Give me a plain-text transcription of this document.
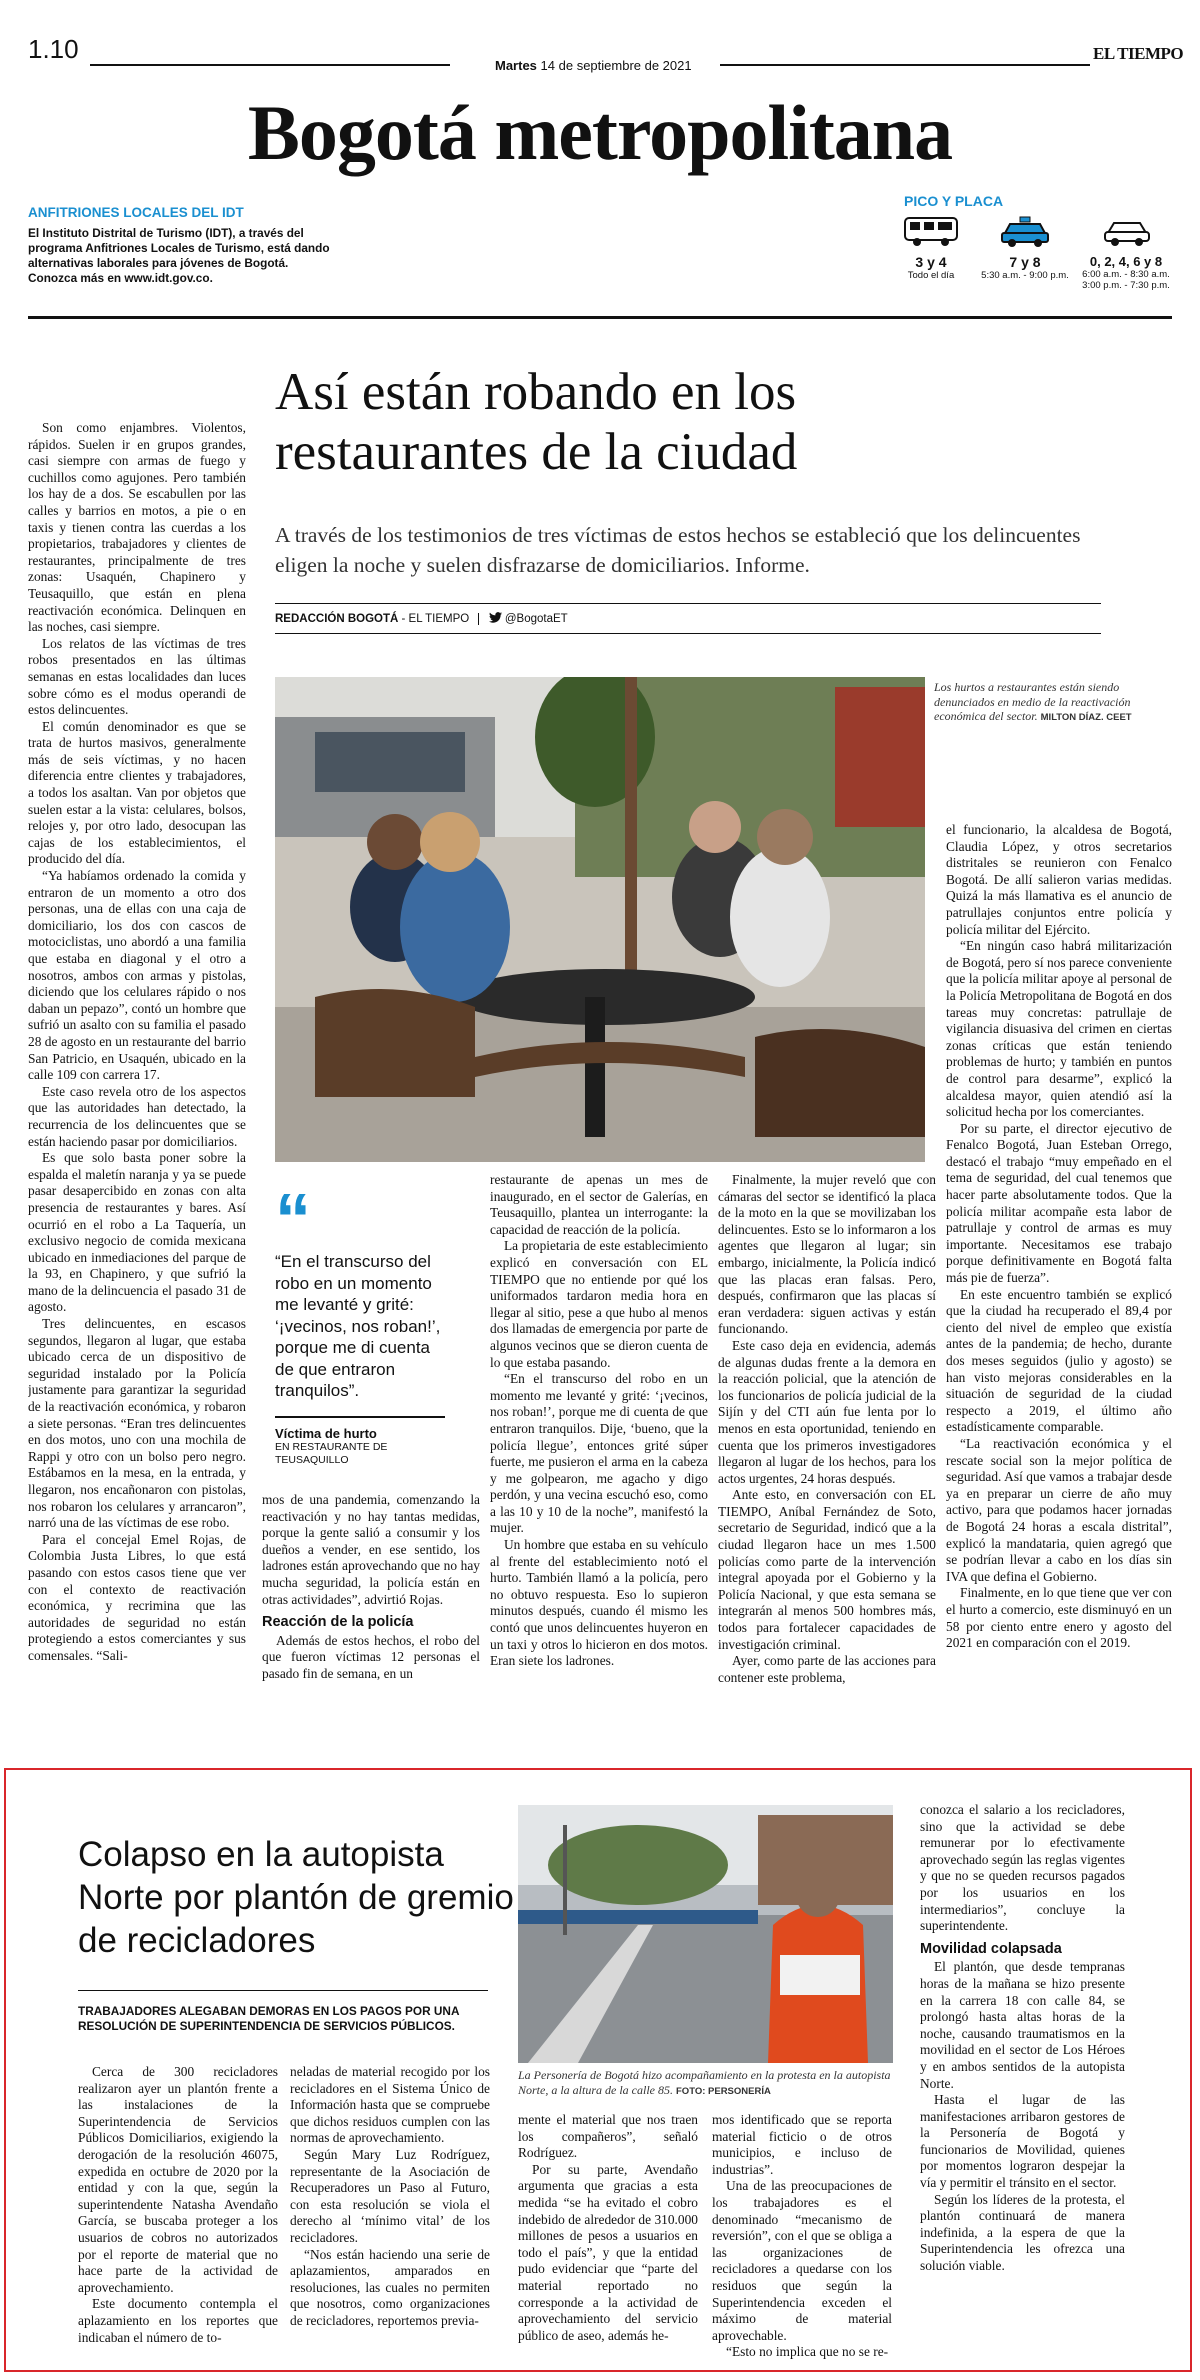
1.10
Martes 14 de septiembre de 2021
EL TIEMPO
Bogotá metropolitana
ANFITRIONES LOCALES DEL IDT
El Instituto Distrital de Turismo (IDT), a través del programa Anfitriones Locales de Turismo, está dando alternativas laborales para jóvenes de Bogotá. Conozca más en www.idt.gov.co.
PICO Y PLACA
3 y 4
Todo el día
7 y 8
5:30 a.m. - 9:00 p.m.
0, 2, 4, 6 y 8
6:00 a.m. - 8:30 a.m.
3:00 p.m. - 7:30 p.m.
Así están robando en los restaurantes de la ciudad
A través de los testimonios de tres víctimas de estos hechos se estableció que los delincuentes eligen la noche y suelen disfrazarse de domiciliarios. Informe.
REDACCIÓN BOGOTÁ - EL TIEMPO	@BogotaET
Los hurtos a restaurantes están siendo denunciados en medio de la reactivación económica del sector. MILTON DÍAZ. CEET

Son como enjambres. Violentos, rápidos. Suelen ir en grupos grandes, casi siempre con armas de fuego y cuchillos como agujones. Pero también los hay de a dos. Se escabullen por las calles y barrios en motos, a pie o en taxis y tienen contra las cuerdas a los propietarios, trabajadores y clientes de restaurantes, principalmente de tres zonas: Usaquén, Chapinero y Teusaquillo, que están en plena reactivación económica. Delinquen en las noches, casi siempre.

Los relatos de las víctimas de tres robos presentados en las últimas semanas en estas localidades dan luces sobre cómo es el modus operandi de estos delincuentes.

El común denominador es que se trata de hurtos masivos, generalmente más de seis víctimas, y no hacen diferencia entre clientes y trabajadores, a todos los asaltan. Van por objetos que suelen estar a la vista: celulares, bolsos, relojes y, por otro lado, desocupan las cajas de los establecimientos, el producido del día.

“Ya habíamos ordenado la comida y entraron de un momento a otro dos personas, una de ellas con una caja de domiciliario, los dos con cascos de motociclistas, uno abordó a una familia que estaba en diagonal y el otro a nosotros, ambos con armas y pistolas, diciendo que los celulares rápido o nos daban un pepazo”, contó un hombre que sufrió un asalto con su familia el pasado 28 de agosto en un restaurante del barrio San Patricio, en Usaquén, ubicado en la calle 109 con carrera 17.

Este caso revela otro de los aspectos que las autoridades han detectado, la recurrencia de los delincuentes que se están haciendo pasar por domiciliarios.

Es que solo basta poner sobre la espalda el maletín naranja y ya se puede pasar desapercibido en zonas con alta presencia de restaurantes y bares. Así ocurrió en el robo a La Taquería, un exclusivo negocio de comida mexicana ubicado en inmediaciones del parque de la 93, en Chapinero, y que sufrió la mano de la delincuencia el pasado 31 de agosto.

Tres delincuentes, en escasos segundos, llegaron al lugar, que estaba ubicado cerca de un dispositivo de seguridad instalado por la Policía justamente para garantizar la seguridad de la reactivación económica, y robaron a siete personas. “Eran tres delincuentes en dos motos, uno con una mochila de Rappi y otro con un bolso pero negro. Estábamos en la mesa, en la entrada, y llegaron, nos encañonaron con pistolas, nos robaron los celulares y arrancaron”, narró una de las víctimas de ese robo.

Para el concejal Emel Rojas, de Colombia Justa Libres, lo que está pasando con estos casos tiene que ver con el contexto de reactivación económica, y recrimina que las autoridades de seguridad no están protegiendo a estos comerciantes y sus comensales. “Sali-

“
“En el transcurso del robo en un momento me levanté y grité: ‘¡vecinos, nos roban!’, porque me di cuenta de que entraron tranquilos”.
Víctima de hurto
EN RESTAURANTE DE TEUSAQUILLO

mos de una pandemia, comenzando la reactivación y no hay tantas medidas, porque la gente salió a consumir y los dueños a vender, en ese sentido, los ladrones están aprovechando que no hay mucha seguridad, la policía están en otras actividades”, advirtió Rojas.

Reacción de la policía

Además de estos hechos, el robo del que fueron víctimas 12 personas el pasado fin de semana, en un

restaurante de apenas un mes de inaugurado, en el sector de Galerías, en Teusaquillo, plantea un interrogante: la capacidad de reacción de la policía.

La propietaria de este establecimiento explicó en conversación con EL TIEMPO que no entiende por qué los uniformados tardaron media hora en llegar al sitio, pese a que hubo al menos dos llamadas de emergencia por parte de algunos vecinos que se dieron cuenta de lo que estaba pasando.

“En el transcurso del robo en un momento me levanté y grité: ‘¡vecinos, nos roban!’, porque me di cuenta de que entraron tranquilos. Dije, ‘bueno, que la policía llegue’, entonces grité súper fuerte, me pusieron el arma en la cabeza y me golpearon, me agacho y digo perdón, y una vecina escuchó eso, como a las 10 y 10 de la noche”, manifestó la mujer.

Un hombre que estaba en su vehículo al frente del establecimiento notó el hurto. También llamó a la policía, pero no obtuvo respuesta. Eso lo supieron minutos después, cuando él mismo les contó que unos delincuentes huyeron en un taxi y otros lo hicieron en dos motos. Eran siete los ladrones.

Finalmente, la mujer reveló que con cámaras del sector se identificó la placa de la moto en la que se movilizaban los delincuentes. Esto se lo informaron a los agentes que llegaron al lugar; sin embargo, inicialmente, la Policía indicó que las placas eran falsas. Pero, después, confirmaron que las placas sí eran verdadera: siguen activas y están funcionando.

Este caso deja en evidencia, además de algunas dudas frente a la demora en la reacción policial, que la atención de los funcionarios de policía judicial de la Sijín y del CTI aún fue lenta por lo menos en esta oportunidad, teniendo en cuenta que los primeros investigadores llegaron al lugar de los hechos, para los actos urgentes, 24 horas después.

Ante esto, en conversación con EL TIEMPO, Aníbal Fernández de Soto, secretario de Seguridad, indicó que a la ciudad llegaron hace un mes 1.500 policías como parte de la intervención integral apoyada por el Gobierno y la Policía Nacional, y que esta semana se integrarán al menos 500 hombres más, todos para fortalecer capacidades de investigación criminal.

Ayer, como parte de las acciones para contener este problema,

el funcionario, la alcaldesa de Bogotá, Claudia López, y otros secretarios distritales se reunieron con Fenalco Bogotá. De allí salieron varias medidas. Quizá la más llamativa es el anuncio de patrullajes conjuntos entre policía y policía militar del Ejército.

“En ningún caso habrá militarización de Bogotá, pero sí nos parece conveniente que la policía militar apoye al personal de la Policía Metropolitana de Bogotá en dos tareas muy concretas: patrullaje de vigilancia disuasiva del crimen en ciertas zonas críticas que están teniendo problemas de hurto; y también en puntos de control para desarme”, explicó la alcaldesa mayor, quien atendió así la solicitud hecha por los comerciantes.

Por su parte, el director ejecutivo de Fenalco Bogotá, Juan Esteban Orrego, destacó el trabajo “muy empeñado en el tema de seguridad, del cual tenemos que hacer parte absolutamente todos. Que la policía militar acompañe esta labor de patrullaje y control de armas es muy importante. Necesitamos ese trabajo porque definitivamente en Bogotá falta más pie de fuerza”.

En este encuentro también se explicó que la ciudad ha recuperado el 89,4 por ciento del nivel de empleo que existía antes de la pandemia; de hecho, durante dos meses seguidos (julio y agosto) se han visto mejoras considerables en la situación de seguridad de la ciudad respecto a 2019, el último año estadísticamente comparable.

“La reactivación económica y el rescate social son la mejor política de seguridad. Así que vamos a trabajar desde ya en preparar un cierre de año muy activo, para que podamos hacer jornadas de Bogotá 24 horas a escala distrital”, explicó la mandataria, quien agregó que se podrían llevar a cabo en los días sin IVA que defina el Gobierno.

Finalmente, en lo que tiene que ver con el hurto a comercio, este disminuyó en un 58 por ciento entre enero y agosto del 2021 en comparación con el 2019.

Colapso en la autopista Norte por plantón de gremio de recicladores
TRABAJADORES ALEGABAN DEMORAS EN LOS PAGOS POR UNA RESOLUCIÓN DE SUPERINTENDENCIA DE SERVICIOS PÚBLICOS.
La Personería de Bogotá hizo acompañamiento en la protesta en la autopista Norte, a la altura de la calle 85. FOTO: PERSONERÍA

Cerca de 300 recicladores realizaron ayer un plantón frente a las instalaciones de la Superintendencia de Servicios Públicos Domiciliarios, exigiendo la derogación de la resolución 46075, expedida en octubre de 2020 por la entidad y con la que, según la superintendente Natasha Avendaño García, se buscaba proteger a los usuarios de cobros no autorizados por el reporte de material que no hace parte de la actividad de aprovechamiento.

Este documento contempla el aplazamiento en los reportes que indicaban el número de to-

neladas de material recogido por los recicladores en el Sistema Único de Información hasta que se compruebe que dichos residuos cumplen con las normas de aprovechamiento.

Según Mary Luz Rodríguez, representante de la Asociación de Recuperadores un Paso al Futuro, con esta resolución se viola el derecho al ‘mínimo vital’ de los recicladores.

“Nos están haciendo una serie de aplazamientos, amparados en resoluciones, las cuales no permiten que nosotros, como organizaciones de recicladores, reportemos previa-

mente el material que nos traen los compañeros”, señaló Rodríguez.

Por su parte, Avendaño argumenta que gracias a esta medida “se ha evitado el cobro indebido de alrededor de 310.000 millones de pesos a usuarios en todo el país”, y que la entidad pudo evidenciar que “parte del material reportado no corresponde a la actividad de aprovechamiento del servicio público de aseo, además he-

mos identificado que se reporta material ficticio o de otros municipios, e incluso de industrias”.

Una de las preocupaciones de los trabajadores es el denominado “mecanismo de reversión”, con el que se obliga a las organizaciones de recicladores a quedarse con los residuos que según la Superintendencia exceden el máximo de material aprovechable.

“Esto no implica que no se re-

conozca el salario a los recicladores, sino que la actividad se debe remunerar por lo efectivamente aprovechado según las reglas vigentes y que no se queden recursos pagados por los usuarios en los intermediarios”, concluye la superintendente.

Movilidad colapsada

El plantón, que desde tempranas horas de la mañana se hizo presente en la carrera 18 con calle 84, se prolongó hasta altas horas de la noche, causando traumatismos en la movilidad en el sector de Los Héroes y en ambos sentidos de la autopista Norte.

Hasta el lugar de las manifestaciones arribaron gestores de la Personería de Bogotá y funcionarios de Movilidad, quienes por momentos lograron despejar la vía y permitir el tránsito en el sector.

Según los líderes de la protesta, el plantón continuará de manera indefinida, a la espera de que la Superintendencia les ofrezca una solución viable.
